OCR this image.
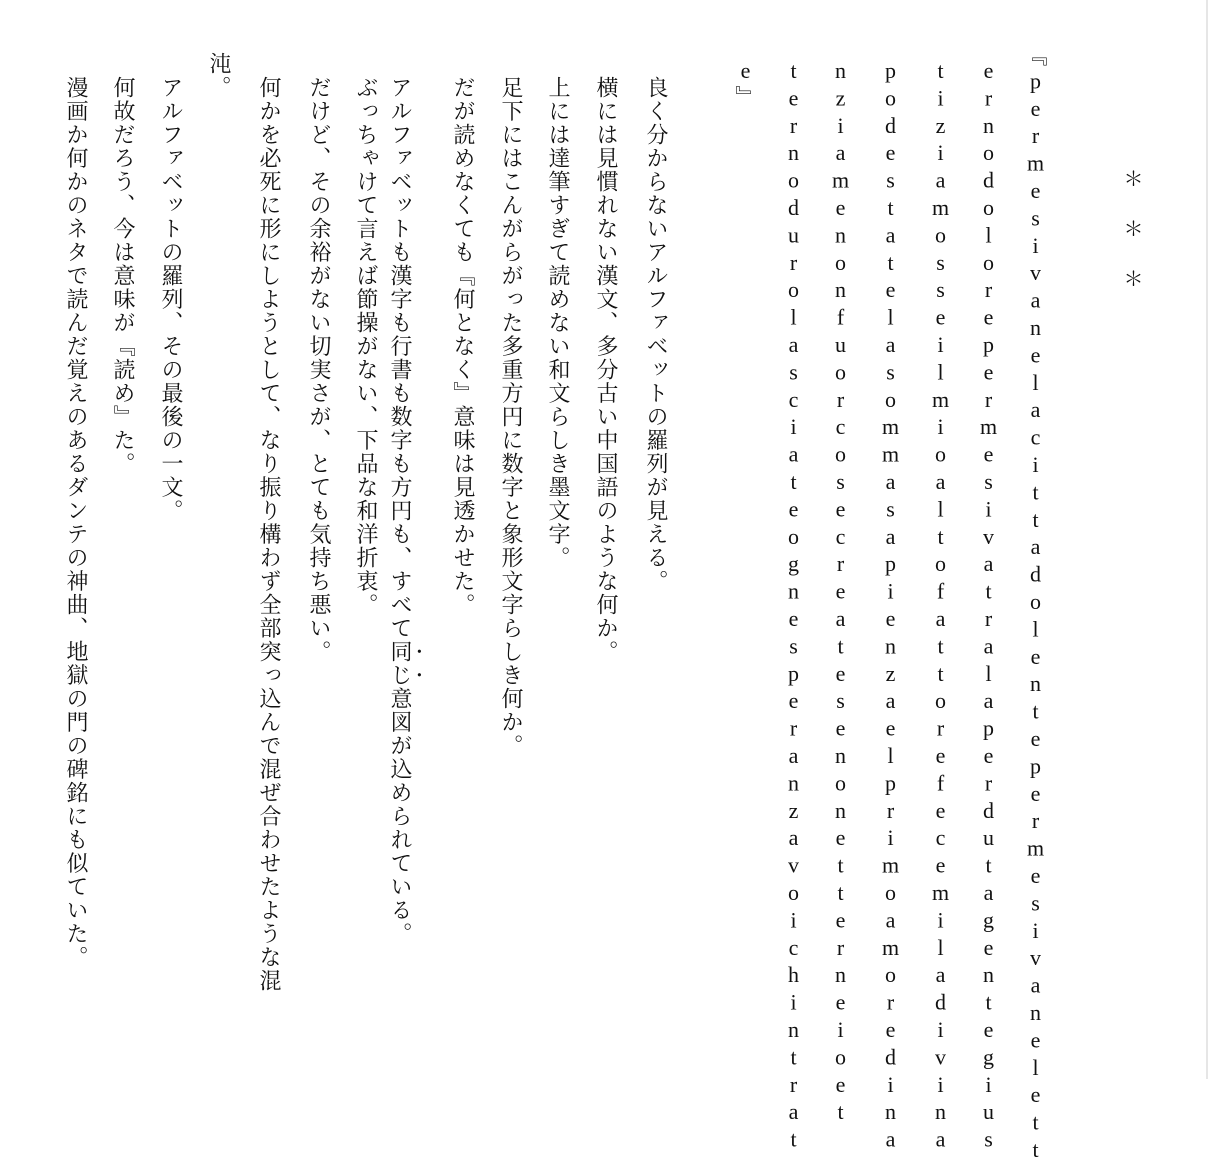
＊＊＊
『permesivanelacittadolentepermesivanelett
ernodolorepermesivatralaperdutagentegius
tiziamosseilmioaltofattorefecemiladivina
podestatelasommasapienzaelprimoamoredina
nziamenonfuorcosecreatesenonetterneioet
ternodurolasciateognesperanzavoichintrat
e』
良く分からないアルファベットの羅列が見える。
横には見慣れない漢文、多分古い中国語のような何か。
上には達筆すぎて読めない和文らしき墨文字。
足下にはこんがらがった多重方円に数字と象形文字らしき何か。
だが読めなくても『何となく』意味は見透かせた。
アルファベットも漢字も行書も数字も方円も、すべて同じ意図が込められている。
ぶっちゃけて言えば節操がない、下品な和洋折衷。
だけど、その余裕がない切実さが、とても気持ち悪い。
何かを必死に形にしようとして、なり振り構わず全部突っ込んで混ぜ合わせたような混
沌。
アルファベットの羅列、その最後の一文。
何故だろう、今は意味が『読め』た。
漫画か何かのネタで読んだ覚えのあるダンテの神曲、地獄の門の碑銘にも似ていた。
